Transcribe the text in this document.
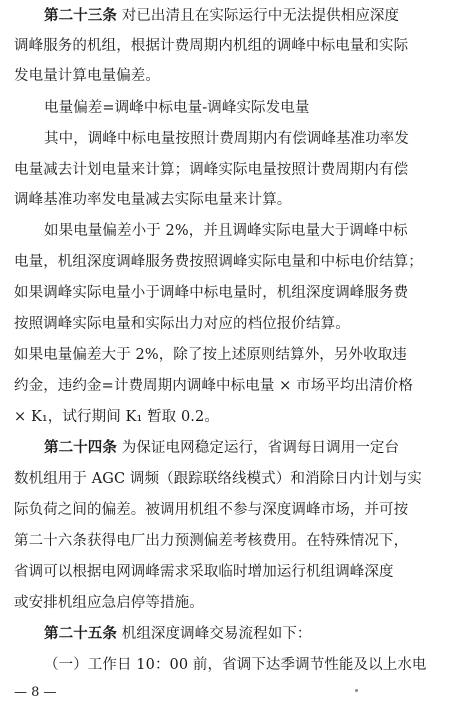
第二十三条 对已出清且在实际运行中无法提供相应深度
调峰服务的机组，根据计费周期内机组的调峰中标电量和实际
发电量计算电量偏差。
电量偏差=调峰中标电量-调峰实际发电量
其中，调峰中标电量按照计费周期内有偿调峰基准功率发
电量减去计划电量来计算；调峰实际电量按照计费周期内有偿
调峰基准功率发电量减去实际电量来计算。
如果电量偏差小于 2%，并且调峰实际电量大于调峰中标
电量，机组深度调峰服务费按照调峰实际电量和中标电价结算；
如果调峰实际电量小于调峰中标电量时，机组深度调峰服务费
按照调峰实际电量和实际出力对应的档位报价结算。
如果电量偏差大于 2%，除了按上述原则结算外，另外收取违
约金，违约金=计费周期内调峰中标电量 × 市场平均出清价格
× K₁，试行期间 K₁ 暂取 0.2。
第二十四条 为保证电网稳定运行，省调每日调用一定台
数机组用于 AGC 调频（跟踪联络线模式）和消除日内计划与实
际负荷之间的偏差。被调用机组不参与深度调峰市场，并可按
第二十六条获得电厂出力预测偏差考核费用。在特殊情况下，
省调可以根据电网调峰需求采取临时增加运行机组调峰深度
或安排机组应急启停等措施。
第二十五条 机组深度调峰交易流程如下：
（一）工作日 10：00 前，省调下达季调节性能及以上水电
— 8 —
